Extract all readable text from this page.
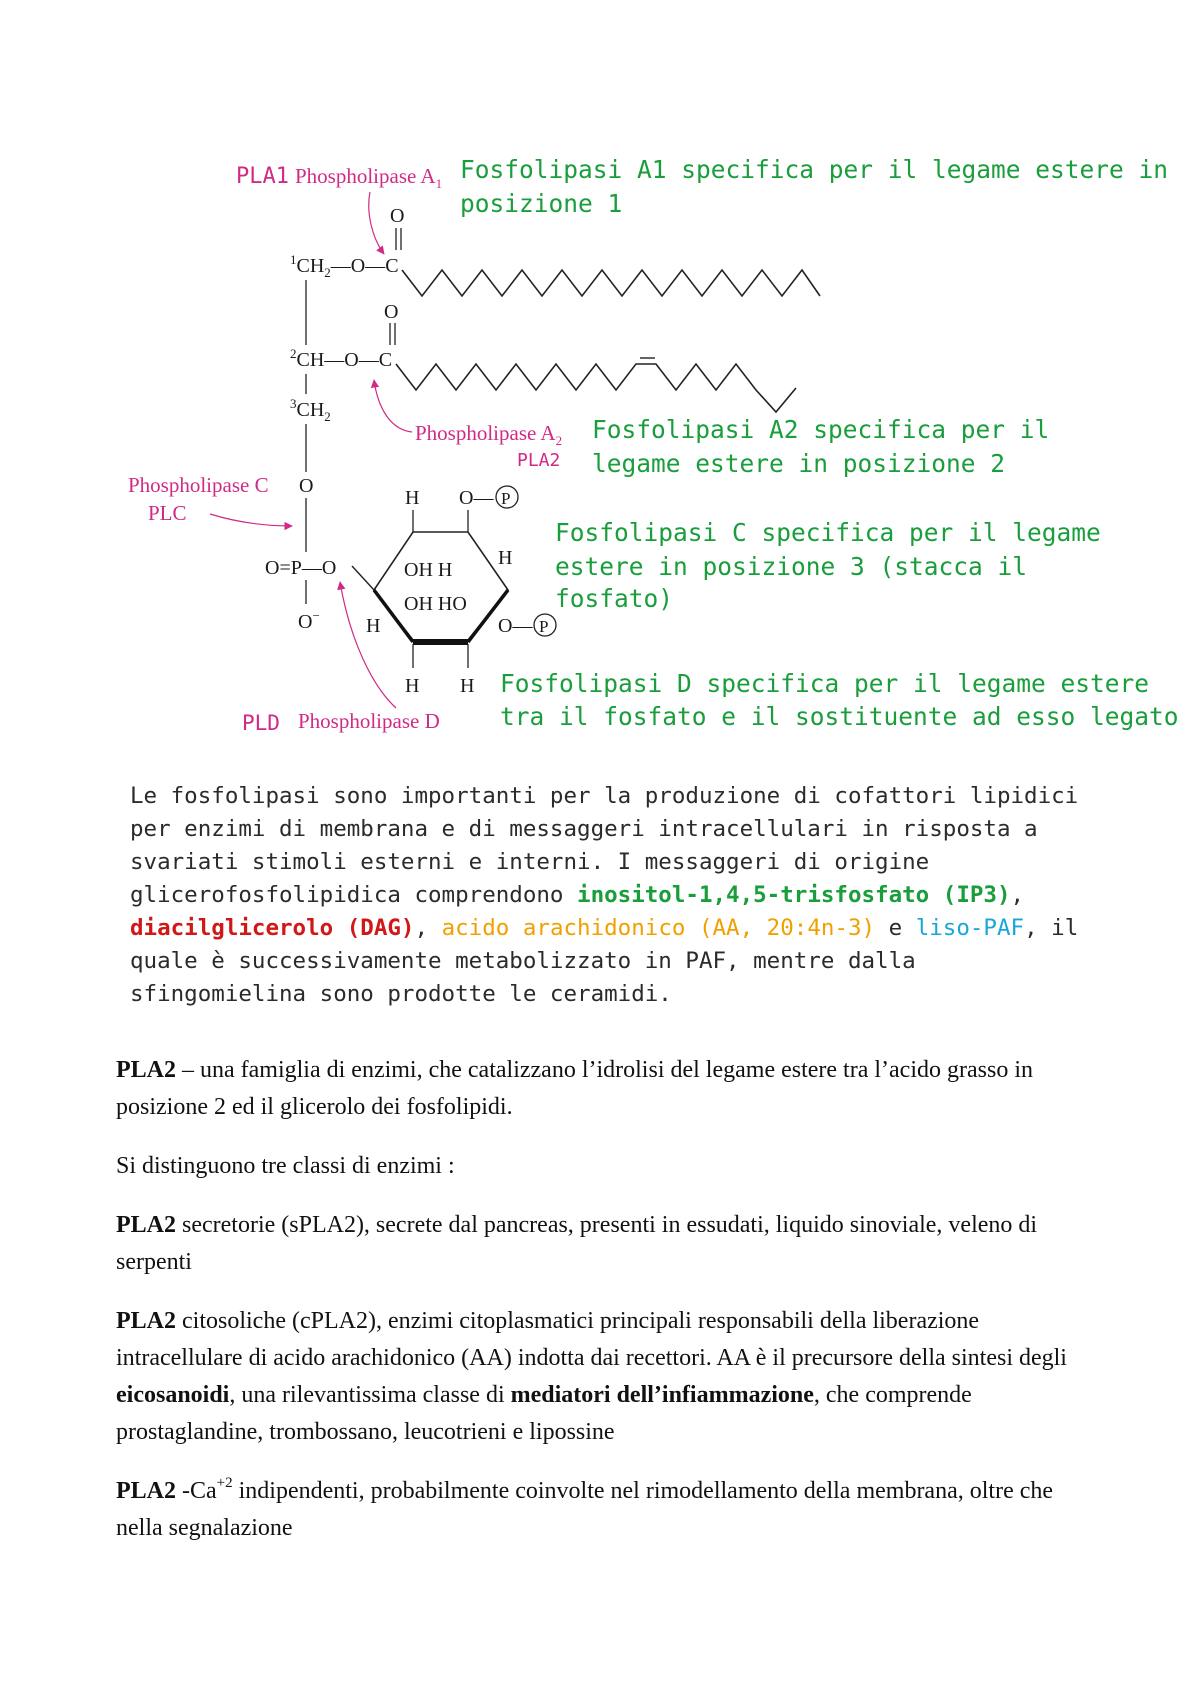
PLA1 Phospholipase $A_1$ Fosfolipasi A1 specifica per il legame estere in
posizione 1
O
$^1CH_2—O—C$
O
$^2$CH—O—C
$^3CH_2$
Phospholipase $A_2$
PLA2
Fosfolipasi A2 specifica per il
legame estere in posizione 2
Phospholipase C
PLC
O
O=P—O
O−
H O— P
OH H
H
OH HO
H	O— P
H H
Fosfolipasi C specifica per il legame
estere in posizione 3 (stacca il
fosfato)
PLD Phospholipase D
Fosfolipasi D specifica per il legame estere
tra il fosfato e il sostituente ad esso legato

Le fosfolipasi sono importanti per la produzione di cofattori lipidici per enzimi di membrana e di messaggeri intracellulari in risposta a svariati stimoli esterni e interni. I messaggeri di origine glicerofosfolipidica comprendono inositol-1,4,5-trisfosfato (IP3), diacilglicerolo (DAG), acido arachidonico (AA, 20:4n-3) e liso-PAF, il quale è successivamente metabolizzato in PAF, mentre dalla sfingomielina sono prodotte le ceramidi.

PLA2 – una famiglia di enzimi, che catalizzano l’idrolisi del legame estere tra l’acido grasso in posizione 2 ed il glicerolo dei fosfolipidi.

Si distinguono tre classi di enzimi :

PLA2 secretorie (sPLA2), secrete dal pancreas, presenti in essudati, liquido sinoviale, veleno di serpenti

PLA2 citosoliche (cPLA2), enzimi citoplasmatici principali responsabili della liberazione intracellulare di acido arachidonico (AA) indotta dai recettori. AA è il precursore della sintesi degli eicosanoidi, una rilevantissima classe di mediatori dell’infiammazione, che comprende prostaglandine, trombossano, leucotrieni e lipossine

PLA2 $-Ca^{+2}$ indipendenti, probabilmente coinvolte nel rimodellamento della membrana, oltre che nella segnalazione
